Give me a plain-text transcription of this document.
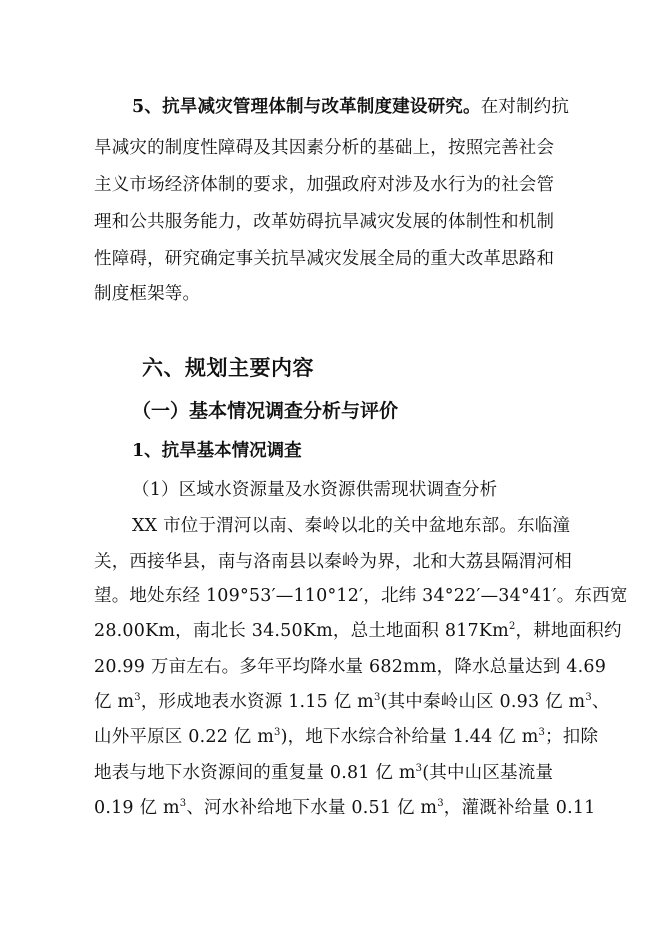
5、抗旱减灾管理体制与改革制度建设研究。在对制约抗
旱减灾的制度性障碍及其因素分析的基础上，按照完善社会
主义市场经济体制的要求，加强政府对涉及水行为的社会管
理和公共服务能力，改革妨碍抗旱减灾发展的体制性和机制
性障碍，研究确定事关抗旱减灾发展全局的重大改革思路和
制度框架等。
六、规划主要内容
（一）基本情况调查分析与评价
1、抗旱基本情况调查
（1）区域水资源量及水资源供需现状调查分析
XX 市位于渭河以南、秦岭以北的关中盆地东部。东临潼
关，西接华县，南与洛南县以秦岭为界，北和大荔县隔渭河相
望。地处东经 109°53′—110°12′，北纬 34°22′—34°41′。东西宽
28.00Km，南北长 34.50Km，总土地面积 817Km$^2$，耕地面积约
20.99 万亩左右。多年平均降水量 682mm，降水总量达到 4.69
亿 $m^3$，形成地表水资源 1.15 亿 $m^3$(其中秦岭山区 0.93 亿 $m^3$、
山外平原区 0.22 亿 $m^3$)，地下水综合补给量 1.44 亿 $m^3$；扣除
地表与地下水资源间的重复量 0.81 亿 $m^3$(其中山区基流量
0.19 亿 $m^3$、河水补给地下水量 0.51 亿 $m^3$，灌溉补给量 0.11
